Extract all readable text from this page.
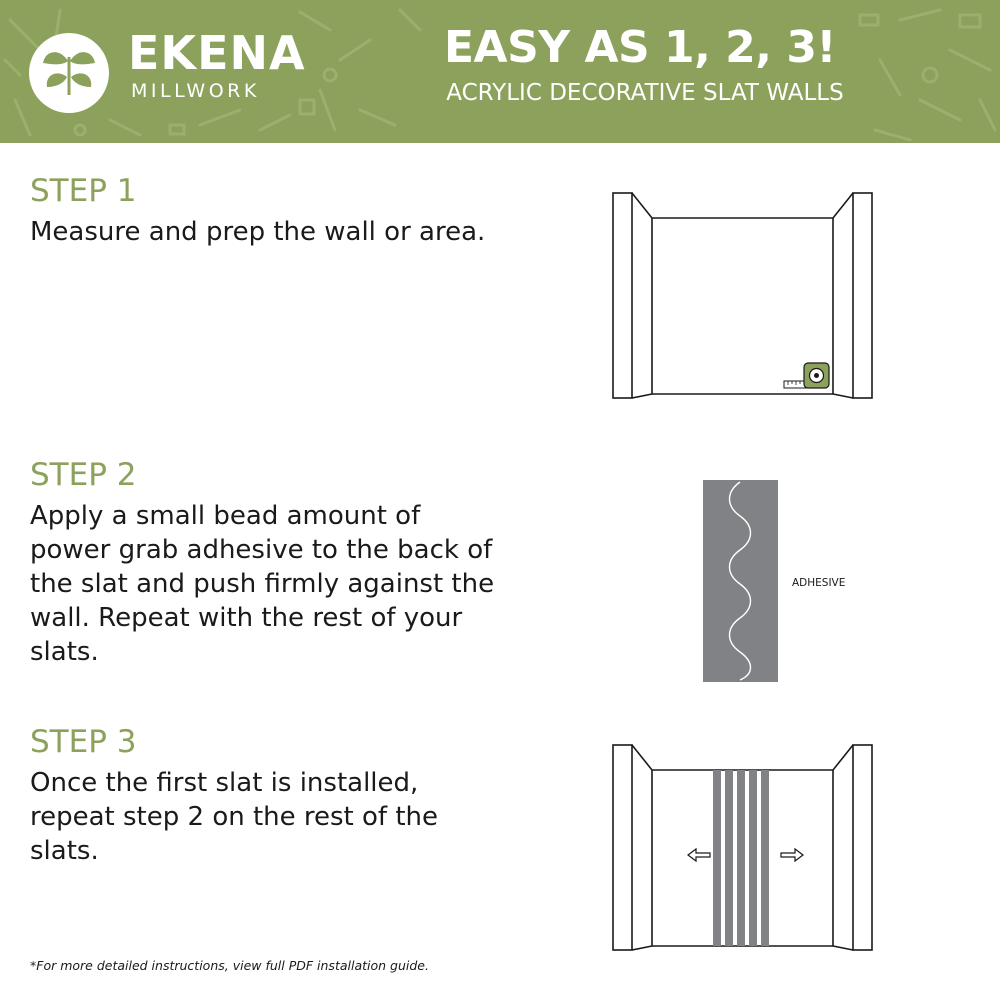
EKENA
MILLWORK
EASY AS 1, 2, 3!
ACRYLIC DECORATIVE SLAT WALLS

STEP 1

Measure and prep the wall or area.

STEP 2

Apply a small bead amount of power grab adhesive to the back of the slat and push firmly against the wall. Repeat with the rest of your slats.

STEP 3

Once the first slat is installed, repeat step 2 on the rest of the slats.

ADHESIVE
*For more detailed instructions, view full PDF installation guide.
